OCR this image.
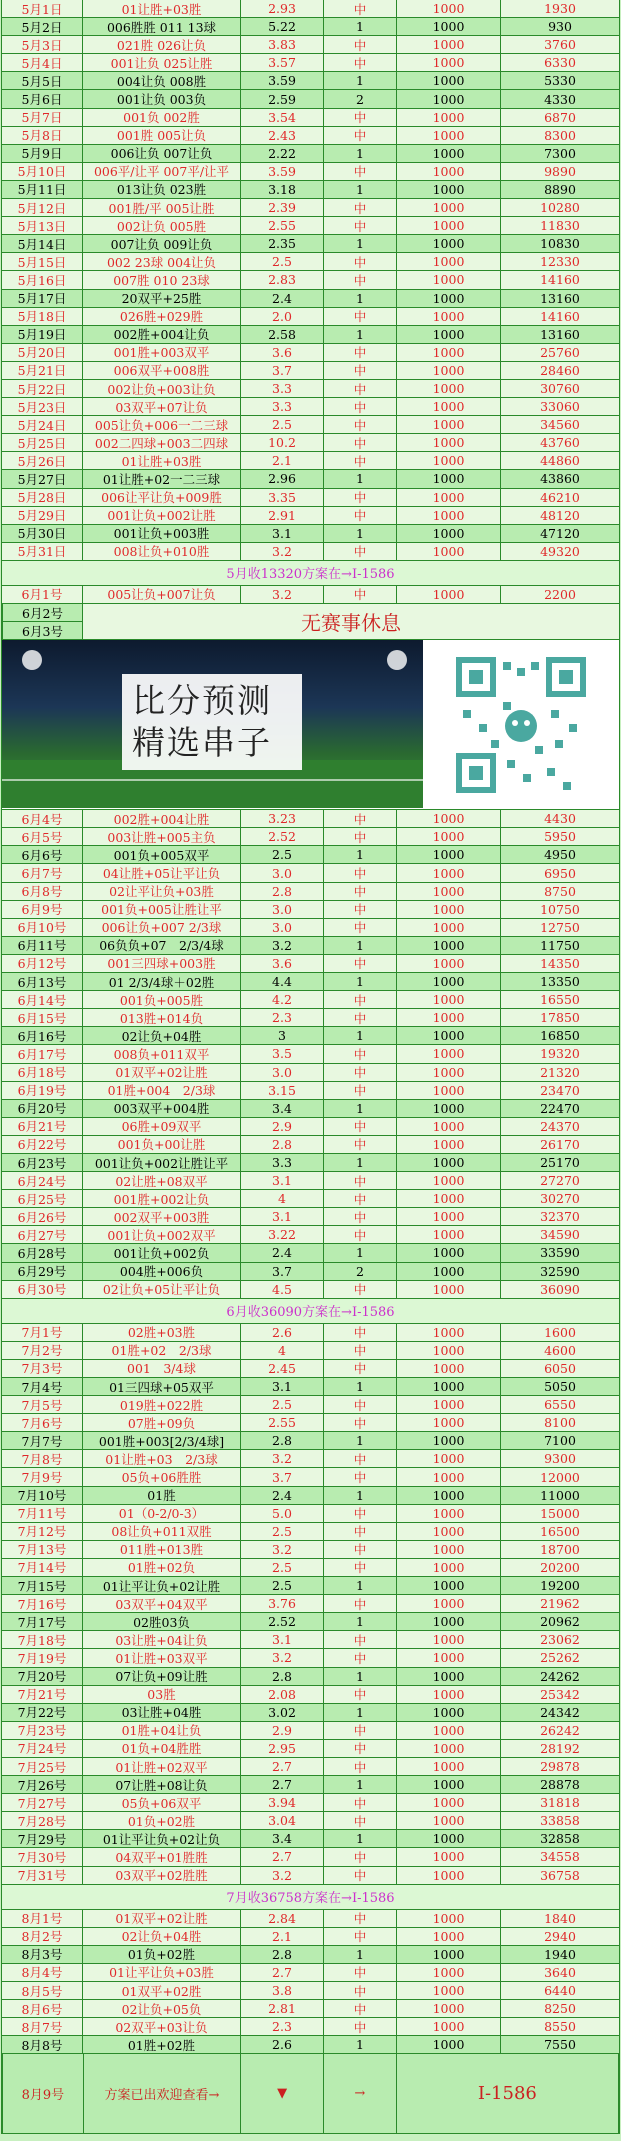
5月1日	01让胜+03胜	2.93	中	1000	1930
5月2日	006胜胜 011 13球	5.22	1	1000	930
5月3日	021胜 026让负	3.83	中	1000	3760
5月4日	001让负 025让胜	3.57	中	1000	6330
5月5日	004让负 008胜	3.59	1	1000	5330
5月6日	001让负 003负	2.59	2	1000	4330
5月7日	001负 002胜	3.54	中	1000	6870
5月8日	001胜 005让负	2.43	中	1000	8300
5月9日	006让负 007让负	2.22	1	1000	7300
5月10日	006平/让平 007平/让平	3.59	中	1000	9890
5月11日	013让负 023胜	3.18	1	1000	8890
5月12日	001胜/平 005让胜	2.39	中	1000	10280
5月13日	002让负 005胜	2.55	中	1000	11830
5月14日	007让负 009让负	2.35	1	1000	10830
5月15日	002 23球 004让负	2.5	中	1000	12330
5月16日	007胜 010 23球	2.83	中	1000	14160
5月17日	20双平+25胜	2.4	1	1000	13160
5月18日	026胜+029胜	2.0	中	1000	14160
5月19日	002胜+004让负	2.58	1	1000	13160
5月20日	001胜+003双平	3.6	中	1000	25760
5月21日	006双平+008胜	3.7	中	1000	28460
5月22日	002让负+003让负	3.3	中	1000	30760
5月23日	03双平+07让负	3.3	中	1000	33060
5月24日	005让负+006一二三球	2.5	中	1000	34560
5月25日	002二四球+003二四球	10.2	中	1000	43760
5月26日	01让胜+03胜	2.1	中	1000	44860
5月27日	01让胜+02一二三球	2.96	1	1000	43860
5月28日	006让平让负+009胜	3.35	中	1000	46210
5月29日	001让负+002让胜	2.91	中	1000	48120
5月30日	001让负+003胜	3.1	1	1000	47120
5月31日	008让负+010胜	3.2	中	1000	49320
5月收13320方案在→I-1586
6月1号	005让负+007让负	3.2	中	1000	2200
6月2号
6月3号	无赛事休息
比分预测
精选串子
6月4号	002胜+004让胜	3.23	中	1000	4430
6月5号	003让胜+005主负	2.52	中	1000	5950
6月6号	001负+005双平	2.5	1	1000	4950
6月7号	04让胜+05让平让负	3.0	中	1000	6950
6月8号	02让平让负+03胜	2.8	中	1000	8750
6月9号	001负+005让胜让平	3.0	中	1000	10750
6月10号	006让负+007 2/3球	3.0	中	1000	12750
6月11号	06负负+07　2/3/4球	3.2	1	1000	11750
6月12号	001三四球+003胜	3.6	中	1000	14350
6月13号	01 2/3/4球＋02胜	4.4	1	1000	13350
6月14号	001负+005胜	4.2	中	1000	16550
6月15号	013胜+014负	2.3	中	1000	17850
6月16号	02让负+04胜	3	1	1000	16850
6月17号	008负+011双平	3.5	中	1000	19320
6月18号	01双平+02让胜	3.0	中	1000	21320
6月19号	01胜+004　2/3球	3.15	中	1000	23470
6月20号	003双平+004胜	3.4	1	1000	22470
6月21号	06胜+09双平	2.9	中	1000	24370
6月22号	001负+00让胜	2.8	中	1000	26170
6月23号	001让负+002让胜让平	3.3	1	1000	25170
6月24号	02让胜+08双平	3.1	中	1000	27270
6月25号	001胜+002让负	4	中	1000	30270
6月26号	002双平+003胜	3.1	中	1000	32370
6月27号	001让负+002双平	3.22	中	1000	34590
6月28号	001让负+002负	2.4	1	1000	33590
6月29号	004胜+006负	3.7	2	1000	32590
6月30号	02让负+05让平让负	4.5	中	1000	36090
6月收36090方案在→I-1586
7月1号	02胜+03胜	2.6	中	1000	1600
7月2号	01胜+02　2/3球	4	中	1000	4600
7月3号	001　3/4球	2.45	中	1000	6050
7月4号	01三四球+05双平	3.1	1	1000	5050
7月5号	019胜+022胜	2.5	中	1000	6550
7月6号	07胜+09负	2.55	中	1000	8100
7月7号	001胜+003[2/3/4球]	2.8	1	1000	7100
7月8号	01让胜+03　2/3球	3.2	中	1000	9300
7月9号	05负+06胜胜	3.7	中	1000	12000
7月10号	01胜	2.4	1	1000	11000
7月11号	01（0-2/0-3）	5.0	中	1000	15000
7月12号	08让负+011双胜	2.5	中	1000	16500
7月13号	011胜+013胜	3.2	中	1000	18700
7月14号	01胜+02负	2.5	中	1000	20200
7月15号	01让平让负+02让胜	2.5	1	1000	19200
7月16号	03双平+04双平	3.76	中	1000	21962
7月17号	02胜03负	2.52	1	1000	20962
7月18号	03让胜+04让负	3.1	中	1000	23062
7月19号	01让胜+03双平	3.2	中	1000	25262
7月20号	07让负+09让胜	2.8	1	1000	24262
7月21号	03胜	2.08	中	1000	25342
7月22号	03让胜+04胜	3.02	1	1000	24342
7月23号	01胜+04让负	2.9	中	1000	26242
7月24号	01负+04胜胜	2.95	中	1000	28192
7月25号	01让胜+02双平	2.7	中	1000	29878
7月26号	07让胜+08让负	2.7	1	1000	28878
7月27号	05负+06双平	3.94	中	1000	31818
7月28号	01负+02胜	3.04	中	1000	33858
7月29号	01让平让负+02让负	3.4	1	1000	32858
7月30号	04双平+01胜胜	2.7	中	1000	34558
7月31号	03双平+02胜胜	3.2	中	1000	36758
7月收36758方案在→I-1586
8月1号	01双平+02让胜	2.84	中	1000	1840
8月2号	02让负+04胜	2.1	中	1000	2940
8月3号	01负+02胜	2.8	1	1000	1940
8月4号	01让平让负+03胜	2.7	中	1000	3640
8月5号	01双平+02胜	3.8	中	1000	6440
8月6号	02让负+05负	2.81	中	1000	8250
8月7号	02双平+03让负	2.3	中	1000	8550
8月8号	01胜+02胜	2.6	1	1000	7550
8月9号	方案已出欢迎查看→	▼	→	I-1586
